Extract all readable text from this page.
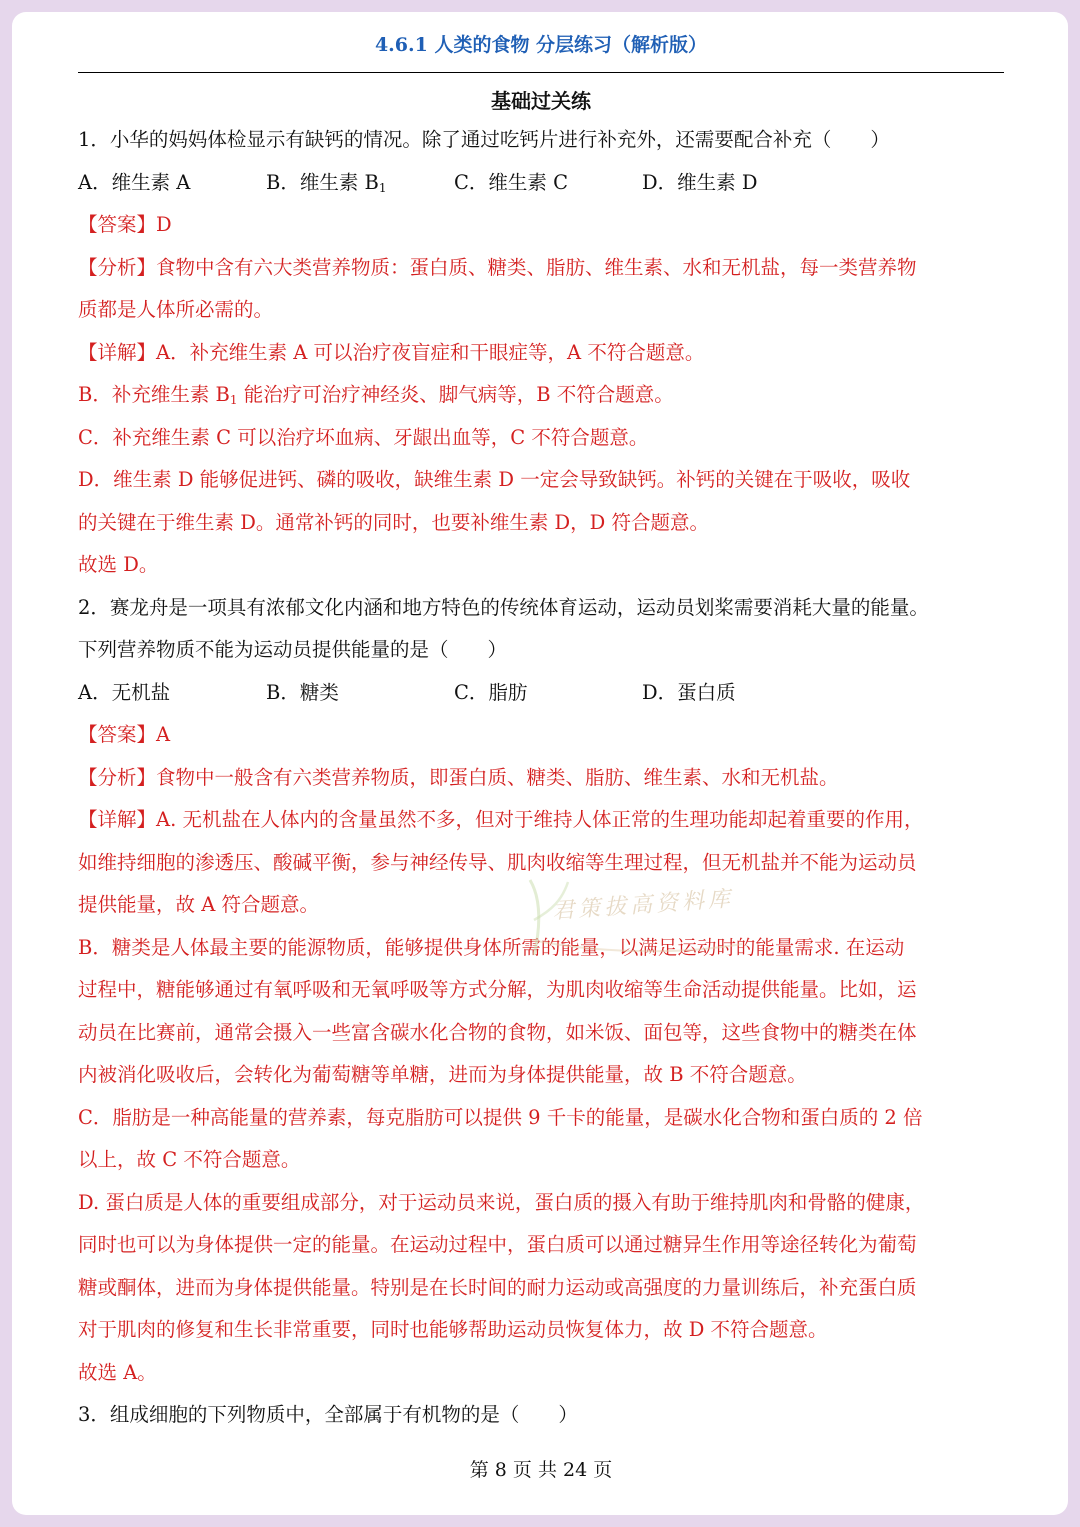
4.6.1 人类的食物 分层练习（解析版）
基础过关练
1．小华的妈妈体检显示有缺钙的情况。除了通过吃钙片进行补充外，还需要配合补充（　　）
A．维生素 A	B．维生素 $B_1$	C．维生素 C	D．维生素 D
【答案】D
【分析】食物中含有六大类营养物质：蛋白质、糖类、脂肪、维生素、水和无机盐，每一类营养物
质都是人体所必需的。
【详解】A．补充维生素 A 可以治疗夜盲症和干眼症等，A 不符合题意。
B．补充维生素 $B_1$ 能治疗可治疗神经炎、脚气病等，B 不符合题意。
C．补充维生素 C 可以治疗坏血病、牙龈出血等，C 不符合题意。
D．维生素 D 能够促进钙、磷的吸收，缺维生素 D 一定会导致缺钙。补钙的关键在于吸收，吸收
的关键在于维生素 D。通常补钙的同时，也要补维生素 D，D 符合题意。
故选 D。
2．赛龙舟是一项具有浓郁文化内涵和地方特色的传统体育运动，运动员划桨需要消耗大量的能量。
下列营养物质不能为运动员提供能量的是（　　）
A．无机盐	B．糖类	C．脂肪	D．蛋白质
【答案】A
【分析】食物中一般含有六类营养物质，即蛋白质、糖类、脂肪、维生素、水和无机盐。
【详解】A. 无机盐在人体内的含量虽然不多，但对于维持人体正常的生理功能却起着重要的作用，
如维持细胞的渗透压、酸碱平衡，参与神经传导、肌肉收缩等生理过程，但无机盐并不能为运动员
提供能量，故 A 符合题意。
B．糖类是人体最主要的能源物质，能够提供身体所需的能量，以满足运动时的能量需求. 在运动
过程中，糖能够通过有氧呼吸和无氧呼吸等方式分解，为肌肉收缩等生命活动提供能量。比如，运
动员在比赛前，通常会摄入一些富含碳水化合物的食物，如米饭、面包等，这些食物中的糖类在体
内被消化吸收后，会转化为葡萄糖等单糖，进而为身体提供能量，故 B 不符合题意。
C．脂肪是一种高能量的营养素，每克脂肪可以提供 9 千卡的能量，是碳水化合物和蛋白质的 2 倍
以上，故 C 不符合题意。
D. 蛋白质是人体的重要组成部分，对于运动员来说，蛋白质的摄入有助于维持肌肉和骨骼的健康，
同时也可以为身体提供一定的能量。在运动过程中，蛋白质可以通过糖异生作用等途径转化为葡萄
糖或酮体，进而为身体提供能量。特别是在长时间的耐力运动或高强度的力量训练后，补充蛋白质
对于肌肉的修复和生长非常重要，同时也能够帮助运动员恢复体力，故 D 不符合题意。
故选 A。
3．组成细胞的下列物质中，全部属于有机物的是（　　）
君策拔高资料库
第 8 页 共 24 页
